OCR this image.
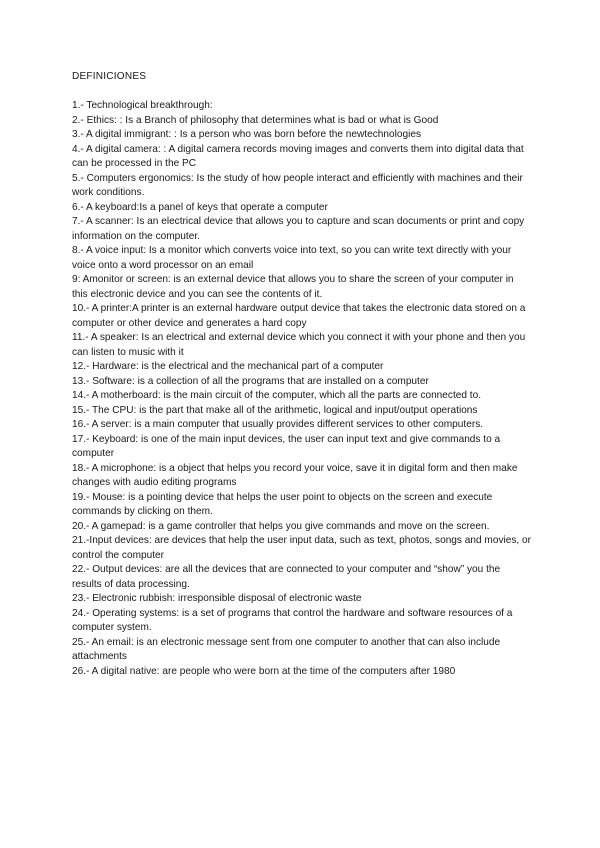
DEFINICIONES

1.- Technological breakthrough:

2.- Ethics: : Is a Branch of philosophy that determines what is bad or what is Good

3.- A digital immigrant: : Is a person who was born before the newtechnologies

4.- A digital camera: : A digital camera records moving images and converts them into digital data that can be processed in the PC

5.- Computers ergonomics: Is the study of how people interact and efficiently with machines and their work conditions.

6.- A keyboard:Is a panel of keys that operate a computer

7.- A scanner: Is an electrical device that allows you to capture and scan documents or print and copy information on the computer.

8.- A voice input: Is a monitor which converts voice into text, so you can write text directly with your voice onto a word processor on an email

9: Amonitor or screen: is an external device that allows you to share the screen of your computer in this electronic device and you can see the contents of it.

10.- A printer:A printer is an external hardware output device that takes the electronic data stored on a computer or other device and generates a hard copy

11.- A speaker: Is an electrical and external device which you connect it with your phone and then you can listen to music with it

12.- Hardware: is the electrical and the mechanical part of a computer

13.- Software: is a collection of all the programs that are installed on a computer

14.- A motherboard: is the main circuit of the computer, which all the parts are connected to.

15.- The CPU: is the part that make all of the arithmetic, logical and input/output operations

16.- A server: is a main computer that usually provides different services to other computers.

17.- Keyboard: is one of the main input devices, the user can input text and give commands to a computer

18.- A microphone: is a object that helps you record your voice, save it in digital form and then make changes with audio editing programs

19.- Mouse: is a pointing device that helps the user point to objects on the screen and execute commands by clicking on them.

20.- A gamepad: is a game controller that helps you give commands and move on the screen.

21.-Input devices: are devices that help the user input data, such as text, photos, songs and movies, or control the computer

22.- Output devices: are all the devices that are connected to your computer and “show” you the results of data processing.

23.- Electronic rubbish: irresponsible disposal of electronic waste

24.- Operating systems: is a set of programs that control the hardware and software resources of a computer system.

25.- An email: is an electronic message sent from one computer to another that can also include attachments

26.- A digital native: are people who were born at the time of the computers after 1980
